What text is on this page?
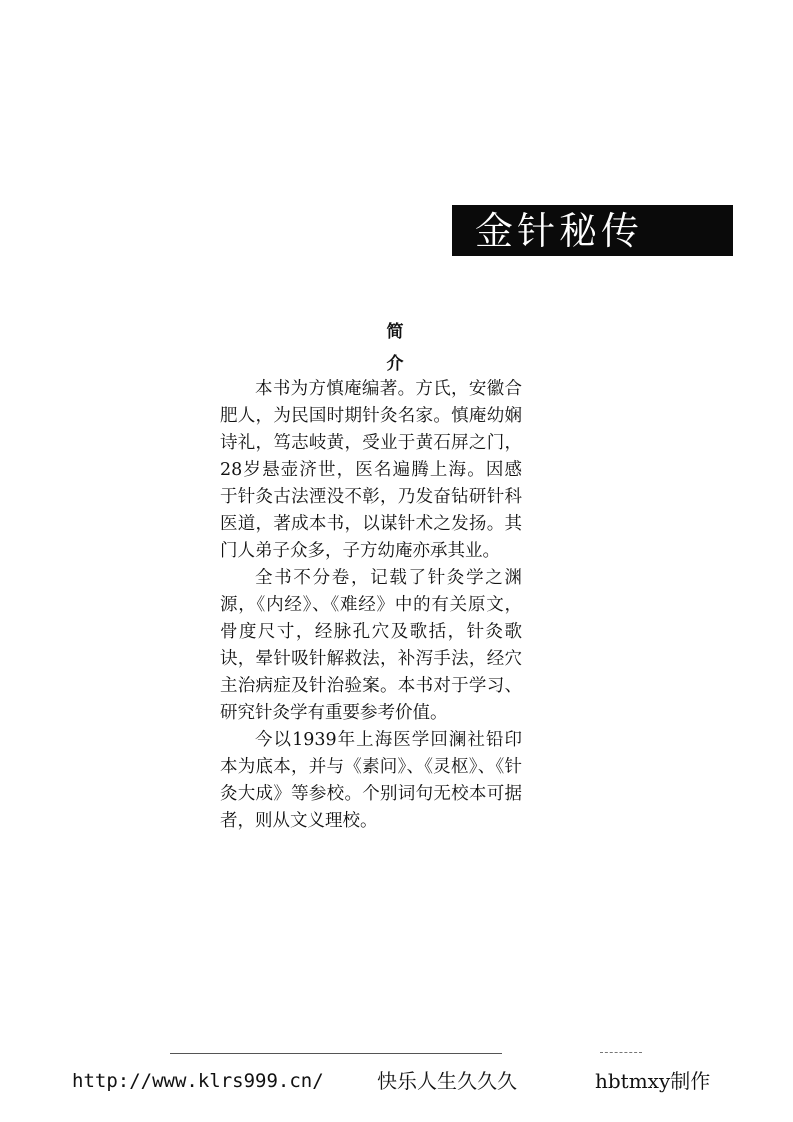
金针秘传
简介

本书为方慎庵编著。方氏，安徽合肥人，为民国时期针灸名家。慎庵幼娴诗礼，笃志岐黄，受业于黄石屏之门，28岁悬壶济世，医名遍腾上海。因感于针灸古法湮没不彰，乃发奋钻研针科医道，著成本书，以谋针术之发扬。其门人弟子众多，子方幼庵亦承其业。

全书不分卷，记载了针灸学之渊源，《内经》、《难经》中的有关原文，骨度尺寸，经脉孔穴及歌括，针灸歌诀，晕针吸针解救法，补泻手法，经穴主治病症及针治验案。本书对于学习、研究针灸学有重要参考价值。

今以1939年上海医学回澜社铅印本为底本，并与《素问》、《灵枢》、《针灸大成》等参校。个别词句无校本可据者，则从文义理校。

http://www.klrs999.cn/	快乐人生久久久	hbtmxy制作
